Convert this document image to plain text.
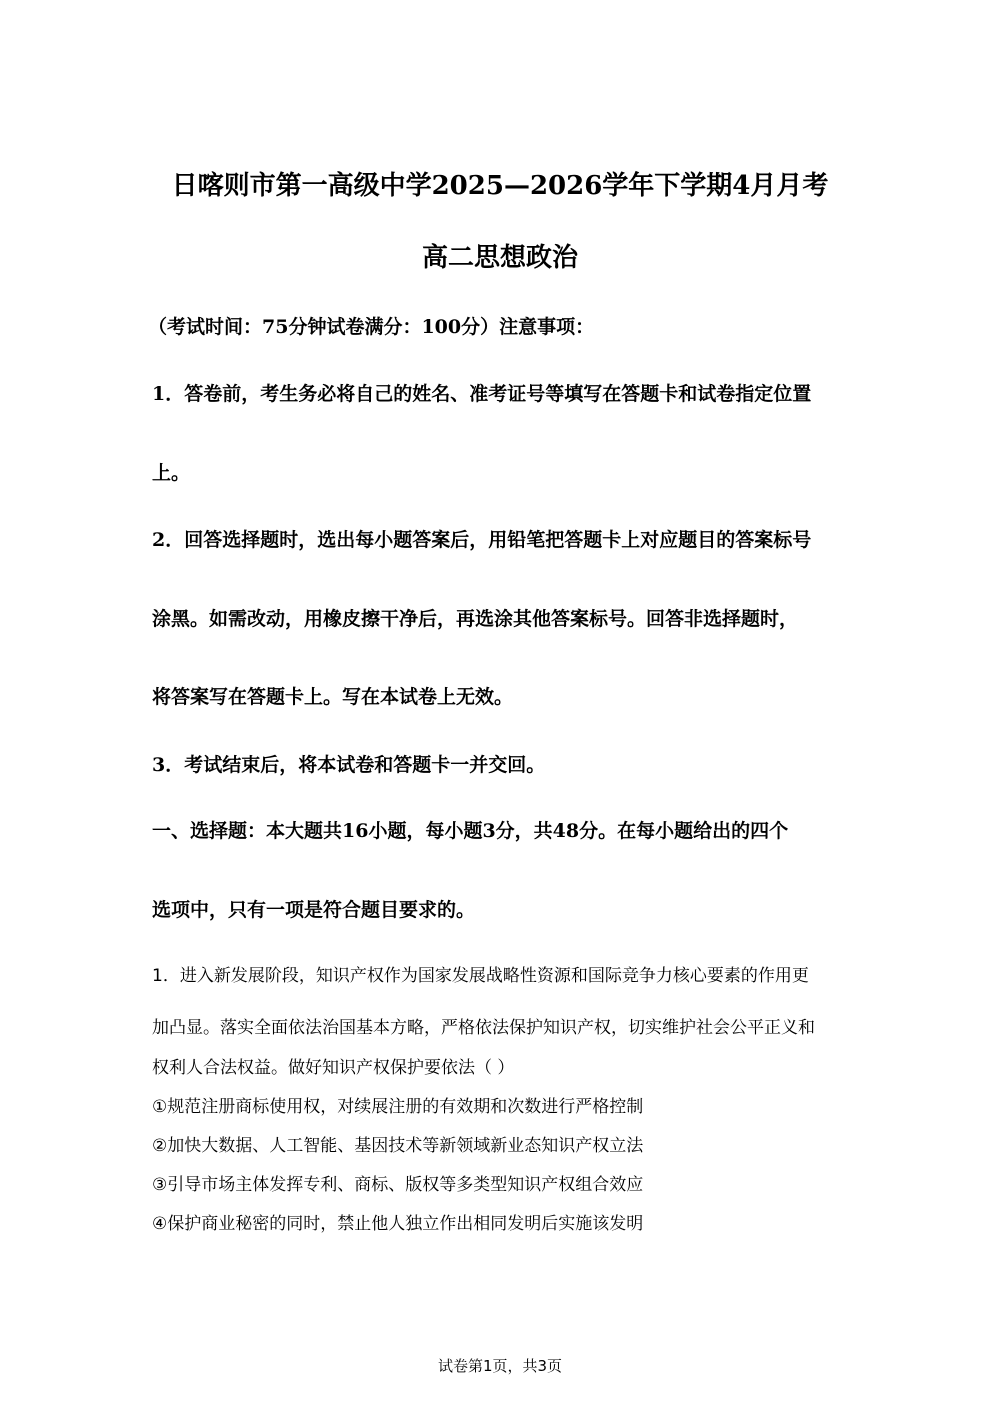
日喀则市第一高级中学2025—2026学年下学期4月月考
高二思想政治
（考试时间：75分钟试卷满分：100分）注意事项：
1．答卷前，考生务必将自己的姓名、准考证号等填写在答题卡和试卷指定位置
上。
2．回答选择题时，选出每小题答案后，用铅笔把答题卡上对应题目的答案标号
涂黑。如需改动，用橡皮擦干净后，再选涂其他答案标号。回答非选择题时，
将答案写在答题卡上。写在本试卷上无效。
3．考试结束后，将本试卷和答题卡一并交回。
一、选择题：本大题共16小题，每小题3分，共48分。在每小题给出的四个
选项中，只有一项是符合题目要求的。
1．进入新发展阶段，知识产权作为国家发展战略性资源和国际竞争力核心要素的作用更
加凸显。落实全面依法治国基本方略，严格依法保护知识产权，切实维护社会公平正义和
权利人合法权益。做好知识产权保护要依法（ ）
①规范注册商标使用权，对续展注册的有效期和次数进行严格控制
②加快大数据、人工智能、基因技术等新领域新业态知识产权立法
③引导市场主体发挥专利、商标、版权等多类型知识产权组合效应
④保护商业秘密的同时，禁止他人独立作出相同发明后实施该发明
试卷第1页，共3页
